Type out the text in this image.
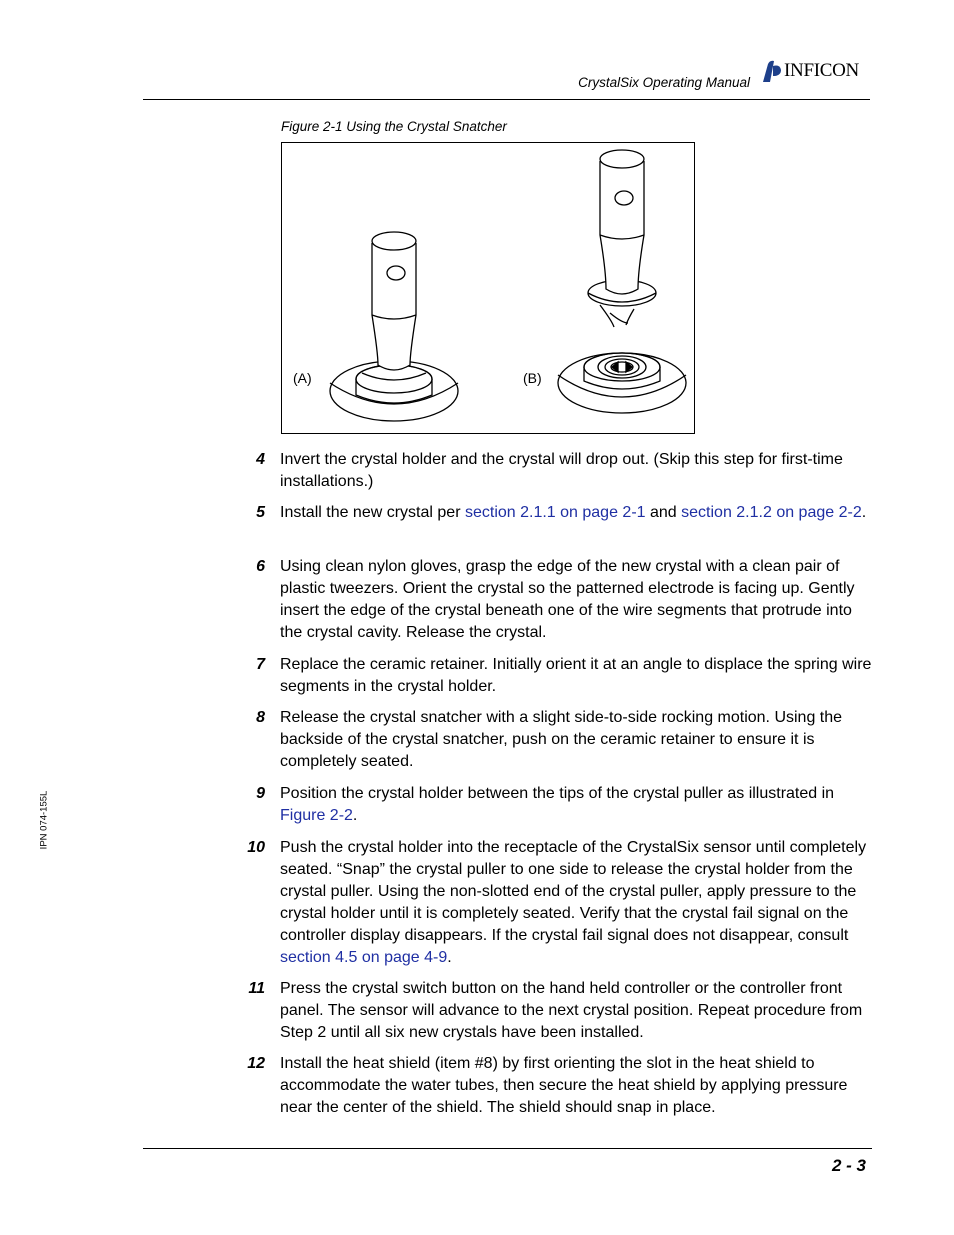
CrystalSix Operating Manual
INFICON
Figure 2-1 Using the Crystal Snatcher
(A)	(B)
4 Invert the crystal holder and the crystal will drop out. (Skip this step for first-time installations.)
5 Install the new crystal per section 2.1.1 on page 2-1 and section 2.1.2 on page 2-2.
6 Using clean nylon gloves, grasp the edge of the new crystal with a clean pair of plastic tweezers. Orient the crystal so the patterned electrode is facing up. Gently insert the edge of the crystal beneath one of the wire segments that protrude into the crystal cavity. Release the crystal.
7 Replace the ceramic retainer. Initially orient it at an angle to displace the spring wire segments in the crystal holder.
8 Release the crystal snatcher with a slight side-to-side rocking motion. Using the backside of the crystal snatcher, push on the ceramic retainer to ensure it is completely seated.
9 Position the crystal holder between the tips of the crystal puller as illustrated in Figure 2-2.
10 Push the crystal holder into the receptacle of the CrystalSix sensor until completely seated. “Snap” the crystal puller to one side to release the crystal holder from the crystal puller. Using the non-slotted end of the crystal puller, apply pressure to the crystal holder until it is completely seated. Verify that the crystal fail signal on the controller display disappears. If the crystal fail signal does not disappear, consult section 4.5 on page 4-9.
11 Press the crystal switch button on the hand held controller or the controller front panel. The sensor will advance to the next crystal position. Repeat procedure from Step 2 until all six new crystals have been installed.
12 Install the heat shield (item #8) by first orienting the slot in the heat shield to accommodate the water tubes, then secure the heat shield by applying pressure near the center of the shield. The shield should snap in place.
IPN 074-155L
2 - 3
